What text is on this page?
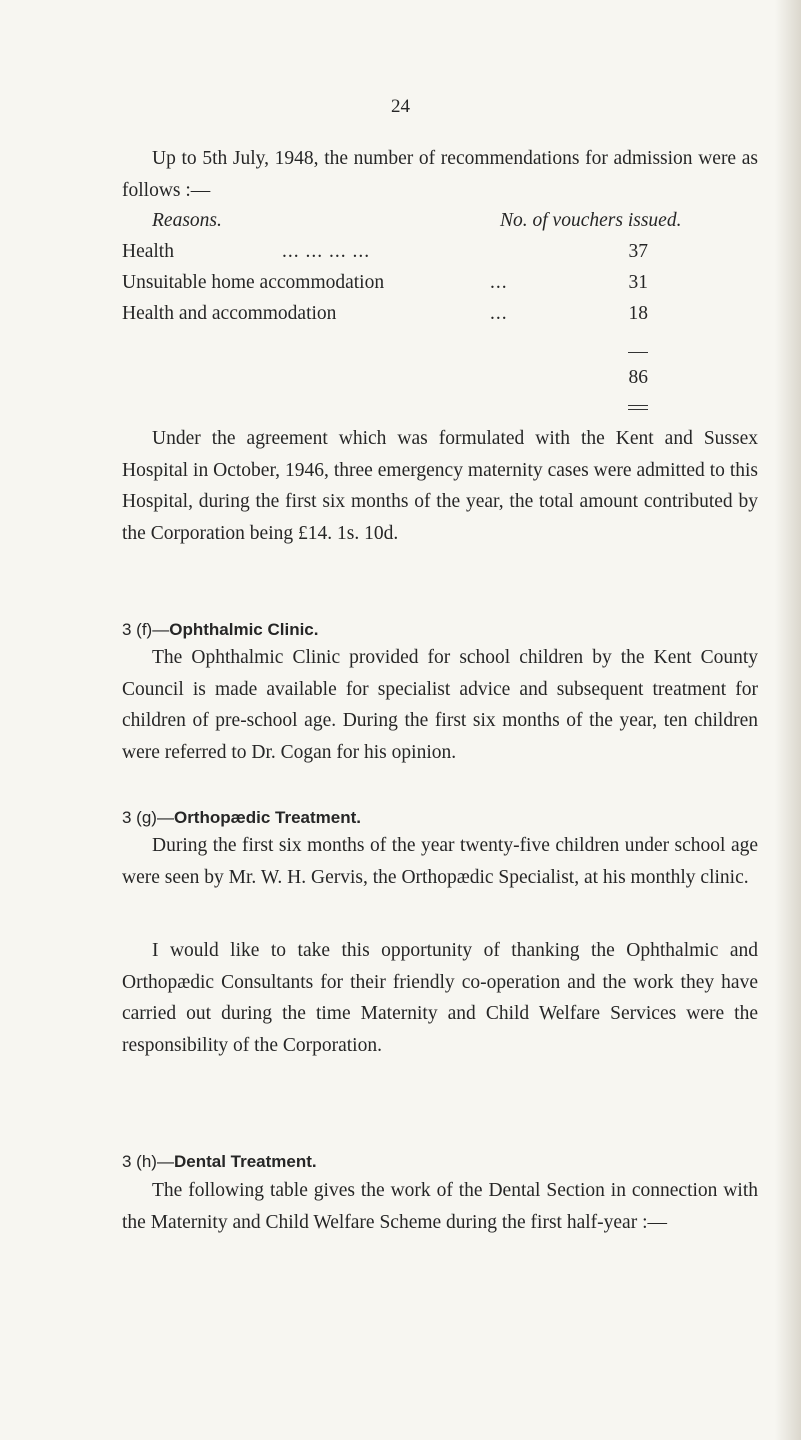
24

Up to 5th July, 1948, the number of recommendations for admission were as follows :—

Reasons.	No. of vouchers issued.
Health	... ... ... ...	37
Unsuitable home accommodation	...	31
Health and accommodation	...	18
86

Under the agreement which was formulated with the Kent and Sussex Hospital in October, 1946, three emergency maternity cases were admitted to this Hospital, during the first six months of the year, the total amount contributed by the Corporation being £14. 1s. 10d.

3 (f)—Ophthalmic Clinic.

The Ophthalmic Clinic provided for school children by the Kent County Council is made available for specialist advice and subsequent treatment for children of pre-school age. During the first six months of the year, ten children were referred to Dr. Cogan for his opinion.

3 (g)—Orthopædic Treatment.

During the first six months of the year twenty-five children under school age were seen by Mr. W. H. Gervis, the Orthopædic Specialist, at his monthly clinic.

I would like to take this opportunity of thanking the Ophthalmic and Orthopædic Consultants for their friendly co-operation and the work they have carried out during the time Maternity and Child Welfare Services were the responsibility of the Corporation.

3 (h)—Dental Treatment.

The following table gives the work of the Dental Section in connection with the Maternity and Child Welfare Scheme during the first half-year :—
